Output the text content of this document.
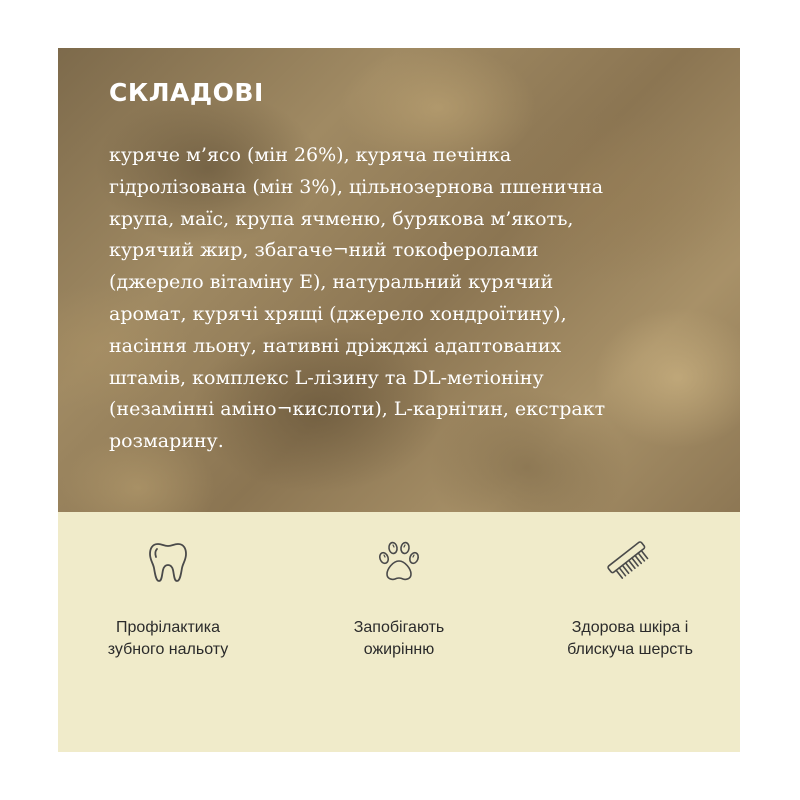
СКЛАДОВІ

куряче м’ясо (мін 26%), куряча печінка
гідролізована (мін 3%), цільнозернова пшенична
крупа, маїс, крупа ячменю, бурякова м’якоть,
курячий жир, збагаче¬ний токоферолами
(джерело вітаміну Е), натуральний курячий
аромат, курячі хрящі (джерело хондроїтину),
насіння льону, нативні дріжджі адаптованих
штамів, комплекс L-лізину та DL-метіоніну
(незамінні аміно¬кислоти), L-карнітин, екстракт
розмарину.

Профілактика
зубного нальоту
Запобігають
ожирінню
Здорова шкіра і
блискуча шерсть
